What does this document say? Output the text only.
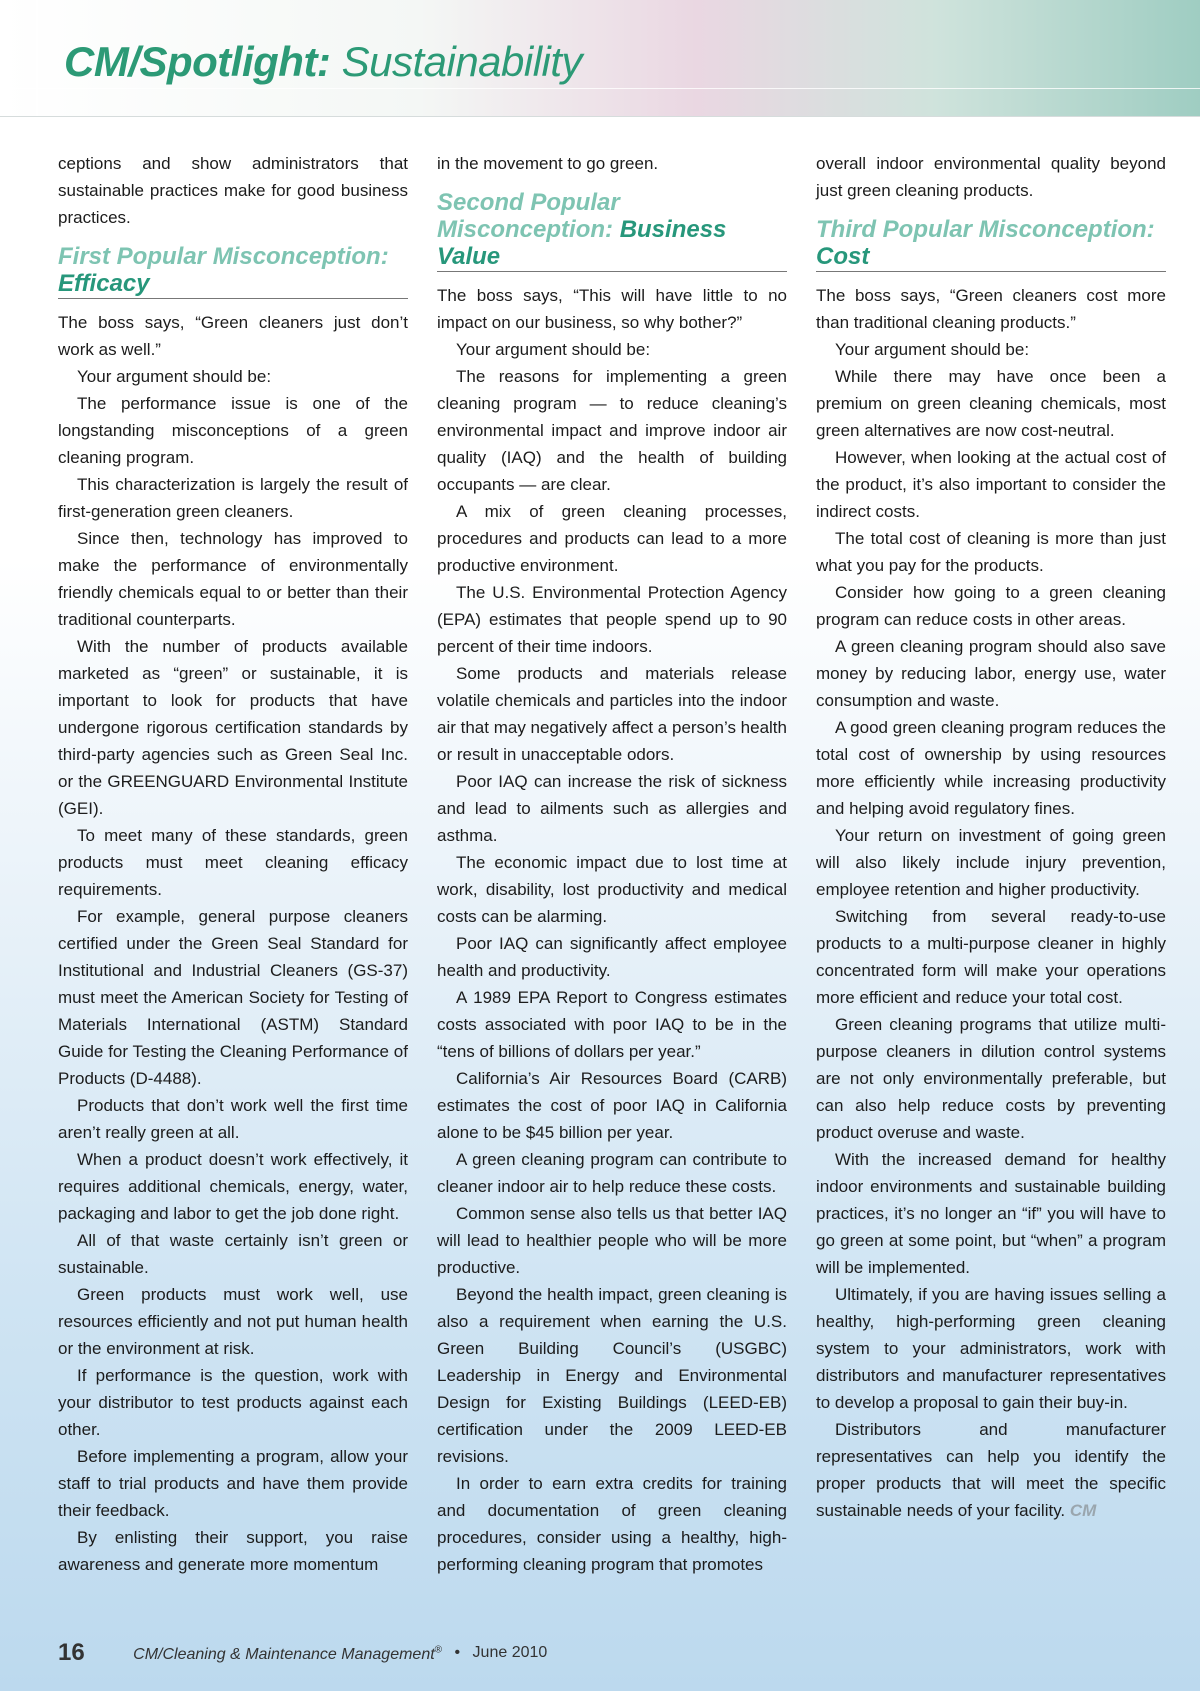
CM/Spotlight: Sustainability

ceptions and show administrators that sustainable practices make for good business practices.

First Popular Misconception: Efficacy

The boss says, “Green cleaners just don’t work as well.”

Your argument should be:

The performance issue is one of the longstanding misconceptions of a green cleaning program.

This characterization is largely the result of first-generation green cleaners.

Since then, technology has improved to make the performance of environmentally friendly chemicals equal to or better than their traditional counterparts.

With the number of products available marketed as “green” or sustainable, it is important to look for products that have undergone rigorous certification standards by third-party agencies such as Green Seal Inc. or the GREENGUARD Environmental Institute (GEI).

To meet many of these standards, green products must meet cleaning efficacy requirements.

For example, general purpose cleaners certified under the Green Seal Standard for Institutional and Industrial Cleaners (GS-37) must meet the American Society for Testing of Materials International (ASTM) Standard Guide for Testing the Cleaning Performance of Products (D-4488).

Products that don’t work well the first time aren’t really green at all.

When a product doesn’t work effectively, it requires additional chemicals, energy, water, packaging and labor to get the job done right.

All of that waste certainly isn’t green or sustainable.

Green products must work well, use resources efficiently and not put human health or the environment at risk.

If performance is the question, work with your distributor to test products against each other.

Before implementing a program, allow your staff to trial products and have them provide their feedback.

By enlisting their support, you raise awareness and generate more momentum

in the movement to go green.

Second Popular Misconception: Business Value

The boss says, “This will have little to no impact on our business, so why bother?”

Your argument should be:

The reasons for implementing a green cleaning program — to reduce cleaning’s environmental impact and improve indoor air quality (IAQ) and the health of building occupants — are clear.

A mix of green cleaning processes, procedures and products can lead to a more productive environment.

The U.S. Environmental Protection Agency (EPA) estimates that people spend up to 90 percent of their time indoors.

Some products and materials release volatile chemicals and particles into the indoor air that may negatively affect a person’s health or result in unacceptable odors.

Poor IAQ can increase the risk of sickness and lead to ailments such as allergies and asthma.

The economic impact due to lost time at work, disability, lost productivity and medical costs can be alarming.

Poor IAQ can significantly affect employee health and productivity.

A 1989 EPA Report to Congress estimates costs associated with poor IAQ to be in the “tens of billions of dollars per year.”

California’s Air Resources Board (CARB) estimates the cost of poor IAQ in California alone to be $45 billion per year.

A green cleaning program can contribute to cleaner indoor air to help reduce these costs.

Common sense also tells us that better IAQ will lead to healthier people who will be more productive.

Beyond the health impact, green cleaning is also a requirement when earning the U.S. Green Building Council’s (USGBC) Leadership in Energy and Environmental Design for Existing Buildings (LEED-EB) certification under the 2009 LEED-EB revisions.

In order to earn extra credits for training and documentation of green cleaning procedures, consider using a healthy, high-performing cleaning program that promotes

overall indoor environmental quality beyond just green cleaning products.

Third Popular Misconception: Cost

The boss says, “Green cleaners cost more than traditional cleaning products.”

Your argument should be:

While there may have once been a premium on green cleaning chemicals, most green alternatives are now cost-neutral.

However, when looking at the actual cost of the product, it’s also important to consider the indirect costs.

The total cost of cleaning is more than just what you pay for the products.

Consider how going to a green cleaning program can reduce costs in other areas.

A green cleaning program should also save money by reducing labor, energy use, water consumption and waste.

A good green cleaning program reduces the total cost of ownership by using resources more efficiently while increasing productivity and helping avoid regulatory fines.

Your return on investment of going green will also likely include injury prevention, employee retention and higher productivity.

Switching from several ready-to-use products to a multi-purpose cleaner in highly concentrated form will make your operations more efficient and reduce your total cost.

Green cleaning programs that utilize multi-purpose cleaners in dilution control systems are not only environmentally preferable, but can also help reduce costs by preventing product overuse and waste.

With the increased demand for healthy indoor environments and sustainable building practices, it’s no longer an “if” you will have to go green at some point, but “when” a program will be implemented.

Ultimately, if you are having issues selling a healthy, high-performing green cleaning system to your administrators, work with distributors and manufacturer representatives to develop a proposal to gain their buy-in.

Distributors and manufacturer representatives can help you identify the proper products that will meet the specific sustainable needs of your facility. CM

16	CM/Cleaning & Maintenance Management® • June 2010
